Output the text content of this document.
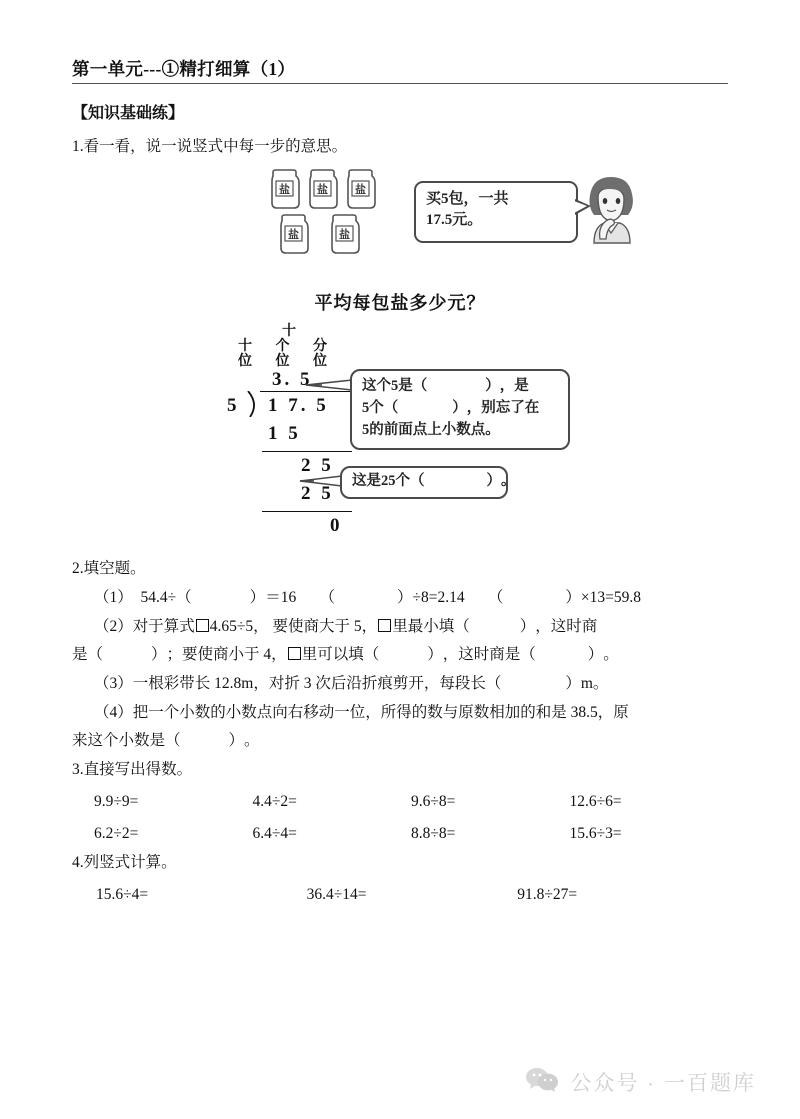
第一单元---①精打细算（1）
【知识基础练】
1.看一看，说一说竖式中每一步的意思。
盐 盐 盐
盐	盐
买5包，一共
17.5元。
平均每包盐多少元？
十
十 个 分
位 位 位
3. 5
5 1 7. 5
1 5
2 5
2 5
0
这个5是 （  ）	，是
5个 （  ）	，别忘了在
5的前面点上小数点。
这是25个 （  ）	。
2.填空题。
（1） 54.4÷ （  ）	＝16 （  ）	÷8=2.14      （  ）	×13=59.8
（2）对于算式 4.65÷5， 要使商大于 5， 里最小填 （  ）	，这时商
是 （  ）	；要使商小于 4， 里可以填 （  ）	，这时商是（  ）	。
（3）一根彩带长 12.8m，对折 3 次后沿折痕剪开，每段长 （  ）	m。
（4）把一个小数的小数点向右移动一位，所得的数与原数相加的和是 38.5，原
来这个小数是 （  ）	。
3.直接写出得数。
9.9÷9=	4.4÷2=	9.6÷8=	12.6÷6=
6.2÷2=	6.4÷4=	8.8÷8=	15.6÷3=
4.列竖式计算。
15.6÷4=	36.4÷14=	91.8÷27=
公众号 · 一百题库
